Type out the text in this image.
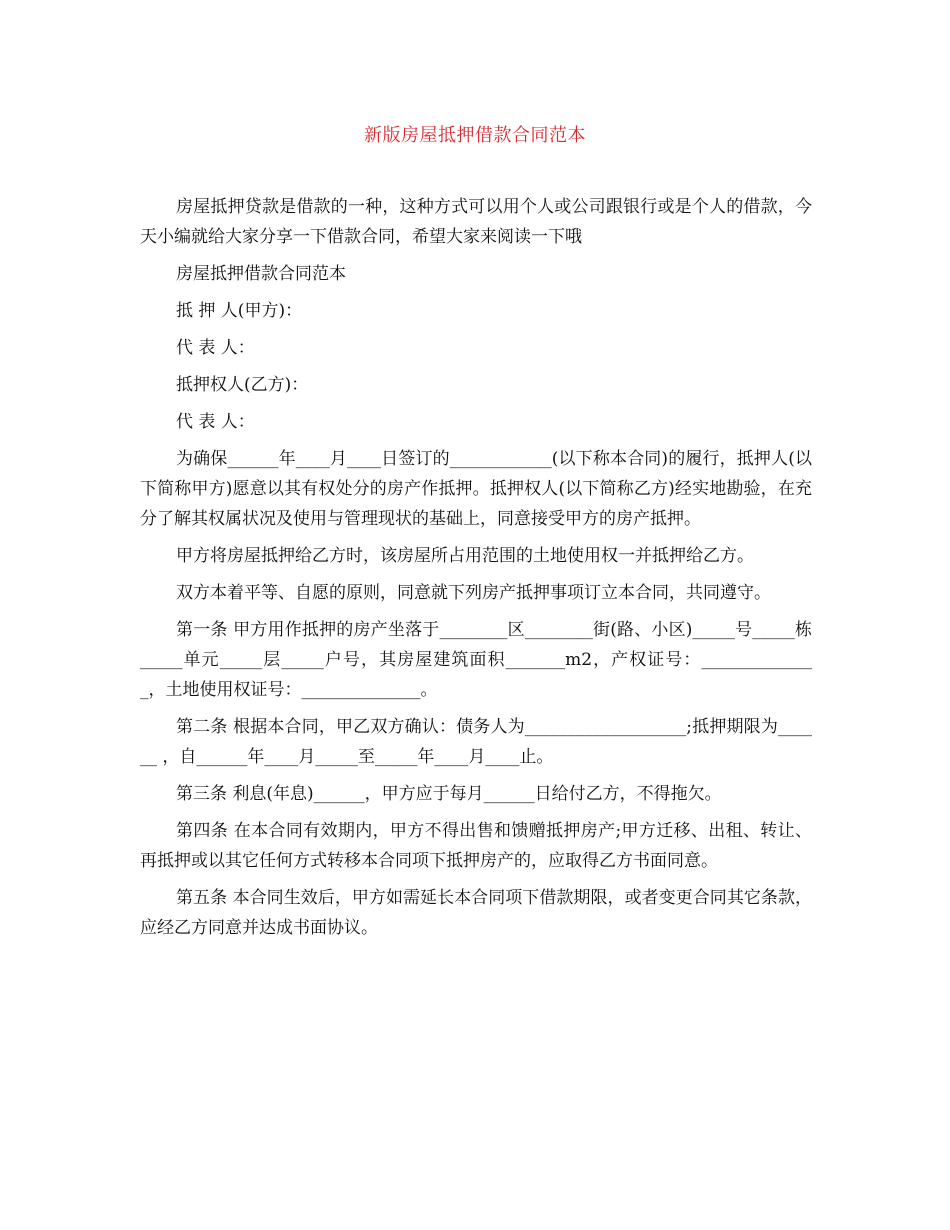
新版房屋抵押借款合同范本

房屋抵押贷款是借款的一种，这种方式可以用个人或公司跟银行或是个人的借款，今天小编就给大家分享一下借款合同，希望大家来阅读一下哦

房屋抵押借款合同范本

抵 押 人(甲方)：

代 表 人：

抵押权人(乙方)：

代 表 人：

为确保______年____月____日签订的____________(以下称本合同)的履行，抵押人(以下简称甲方)愿意以其有权处分的房产作抵押。抵押权人(以下简称乙方)经实地勘验，在充分了解其权属状况及使用与管理现状的基础上，同意接受甲方的房产抵押。

甲方将房屋抵押给乙方时，该房屋所占用范围的土地使用权一并抵押给乙方。

双方本着平等、自愿的原则，同意就下列房产抵押事项订立本合同，共同遵守。

第一条 甲方用作抵押的房产坐落于________区________街(路、小区)_____号_____栋_____单元_____层_____户号，其房屋建筑面积_______m2，产权证号：______________，土地使用权证号：______________。

第二条 根据本合同，甲乙双方确认：债务人为___________________;抵押期限为______ ，自______年____月_____至_____年____月____止。

第三条 利息(年息)______，甲方应于每月______日给付乙方，不得拖欠。

第四条 在本合同有效期内，甲方不得出售和馈赠抵押房产;甲方迁移、出租、转让、再抵押或以其它任何方式转移本合同项下抵押房产的，应取得乙方书面同意。

第五条 本合同生效后，甲方如需延长本合同项下借款期限，或者变更合同其它条款，应经乙方同意并达成书面协议。
